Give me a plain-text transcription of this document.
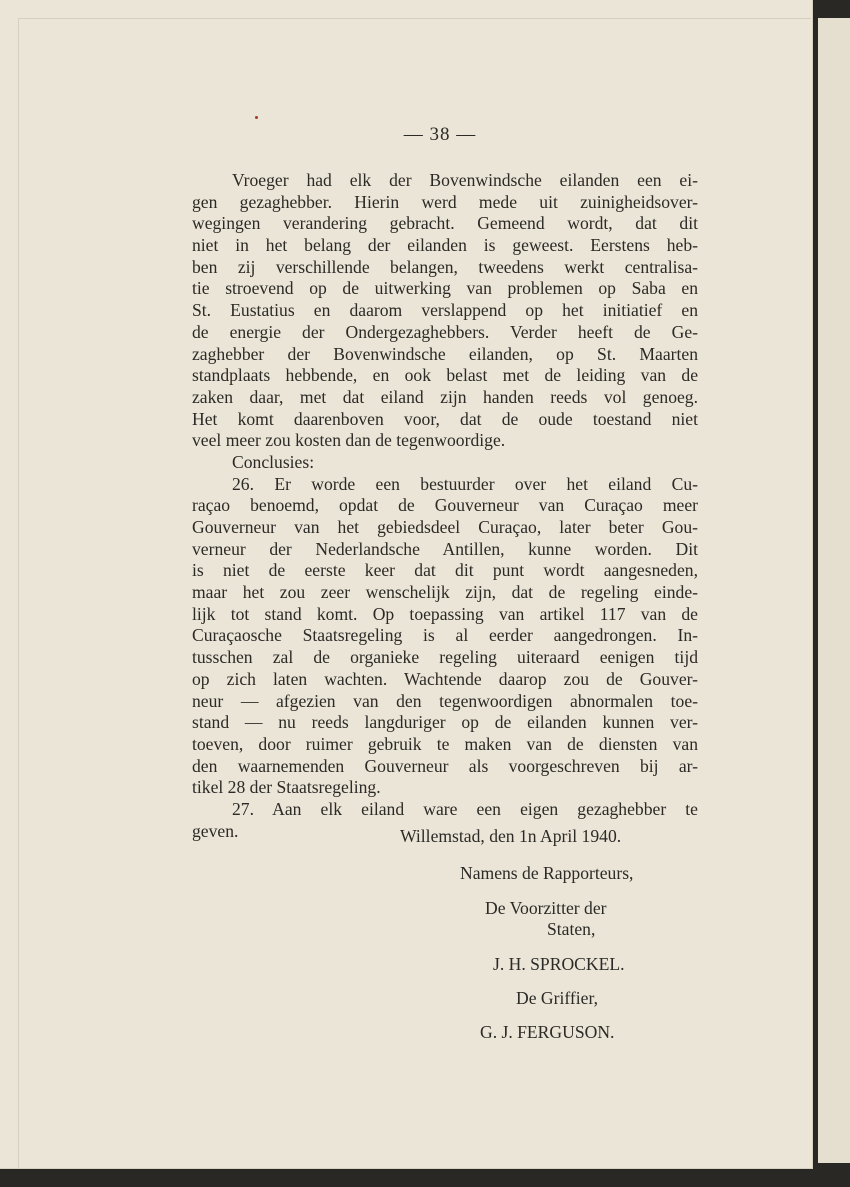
— 38 —
Vroeger had elk der Bovenwindsche eilanden een ei-
gen gezaghebber. Hierin werd mede uit zuinigheidsover-
wegingen verandering gebracht. Gemeend wordt, dat dit
niet in het belang der eilanden is geweest. Eerstens heb-
ben zij verschillende belangen, tweedens werkt centralisa-
tie stroevend op de uitwerking van problemen op Saba en
St. Eustatius en daarom verslappend op het initiatief en
de energie der Ondergezaghebbers. Verder heeft de Ge-
zaghebber der Bovenwindsche eilanden, op St. Maarten
standplaats hebbende, en ook belast met de leiding van de
zaken daar, met dat eiland zijn handen reeds vol genoeg.
Het komt daarenboven voor, dat de oude toestand niet
veel meer zou kosten dan de tegenwoordige.
Conclusies:
26. Er worde een bestuurder over het eiland Cu-
raçao benoemd, opdat de Gouverneur van Curaçao meer
Gouverneur van het gebiedsdeel Curaçao, later beter Gou-
verneur der Nederlandsche Antillen, kunne worden. Dit
is niet de eerste keer dat dit punt wordt aangesneden,
maar het zou zeer wenschelijk zijn, dat de regeling einde-
lijk tot stand komt. Op toepassing van artikel 117 van de
Curaçaosche Staatsregeling is al eerder aangedrongen. In-
tusschen zal de organieke regeling uiteraard eenigen tijd
op zich laten wachten. Wachtende daarop zou de Gouver-
neur — afgezien van den tegenwoordigen abnormalen toe-
stand — nu reeds langduriger op de eilanden kunnen ver-
toeven, door ruimer gebruik te maken van de diensten van
den waarnemenden Gouverneur als voorgeschreven bij ar-
tikel 28 der Staatsregeling.
27. Aan elk eiland ware een eigen gezaghebber te
geven.	Willemstad, den 1n April 1940.
Namens de Rapporteurs,
De Voorzitter der
Staten,
J. H. SPROCKEL.
De Griffier,
G. J. FERGUSON.
